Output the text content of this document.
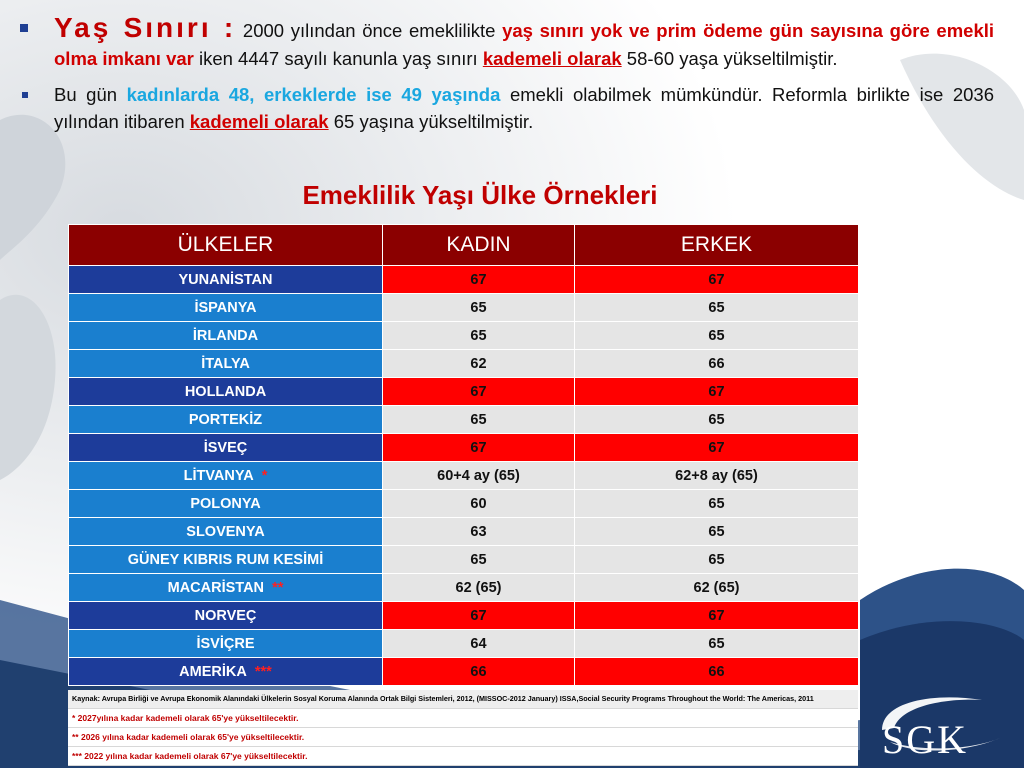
Yaş Sınırı : 2000 yılından önce emeklilikte yaş sınırı yok ve prim ödeme gün sayısına göre emekli olma imkanı var iken 4447 sayılı kanunla yaş sınırı kademeli olarak 58-60 yaşa yükseltilmiştir.
Bu gün kadınlarda 48, erkeklerde ise 49 yaşında emekli olabilmek mümkündür. Reformla birlikte ise 2036 yılından itibaren kademeli olarak 65 yaşına yükseltilmiştir.
Emeklilik Yaşı Ülke Örnekleri
ÜLKELER	KADIN	ERKEK
YUNANİSTAN	67	67
İSPANYA	65	65
İRLANDA	65	65
İTALYA	62	66
HOLLANDA	67	67
PORTEKİZ	65	65
İSVEÇ	67	67
LİTVANYA *	60+4 ay (65)	62+8 ay (65)
POLONYA	60	65
SLOVENYA	63	65
GÜNEY KIBRIS RUM KESİMİ	65	65
MACARİSTAN **	62 (65)	62 (65)
NORVEÇ	67	67
İSVİÇRE	64	65
AMERİKA ***	66	66
Kaynak: Avrupa Birliği ve Avrupa Ekonomik Alanındaki Ülkelerin Sosyal Koruma Alanında Ortak Bilgi Sistemleri, 2012, (MISSOC-2012 January) ISSA,Social Security Programs Throughout the World: The Americas, 2011
* 2027yılına kadar kademeli olarak 65'ye yükseltilecektir.
** 2026 yılına kadar kademeli olarak 65'ye yükseltilecektir.
*** 2022 yılına kadar kademeli olarak 67'ye yükseltilecektir.	SGK
